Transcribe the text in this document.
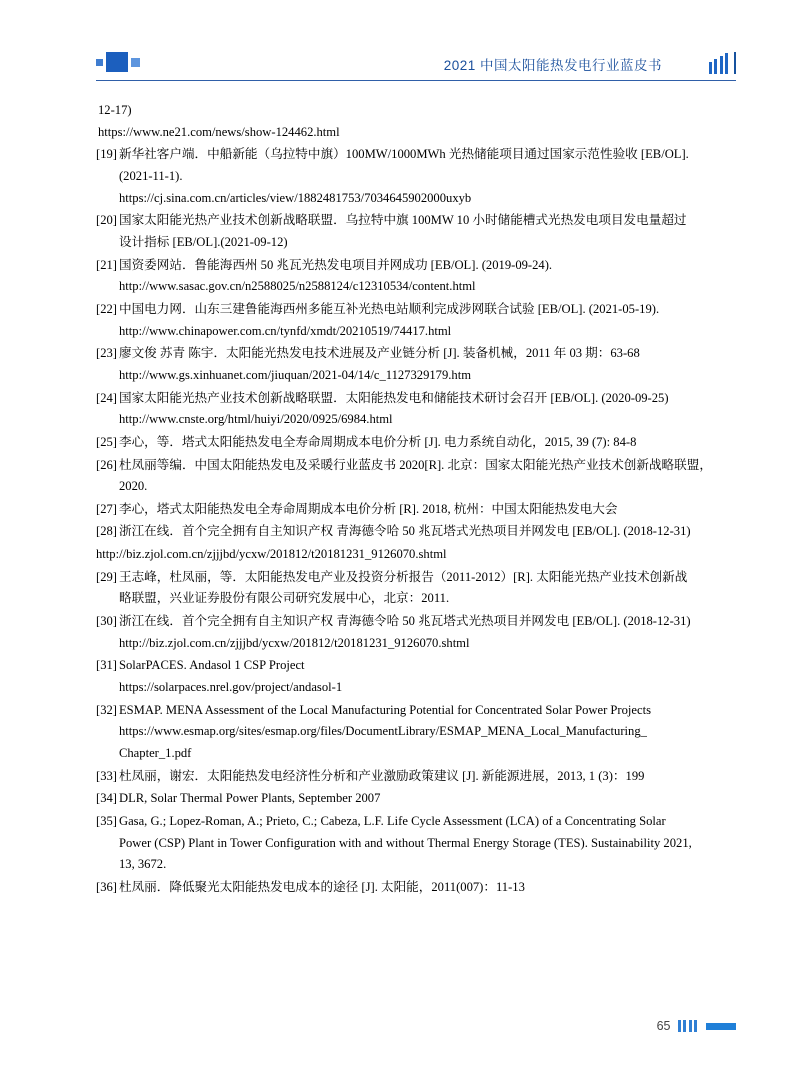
2021 中国太阳能热发电行业蓝皮书
12-17)
https://www.ne21.com/news/show-124462.html
[19] 新华社客户端．中船新能（乌拉特中旗）100MW/1000MWh 光热储能项目通过国家示范性验收 [EB/OL].
(2021-11-1).
https://cj.sina.com.cn/articles/view/1882481753/7034645902000uxyb
[20] 国家太阳能光热产业技术创新战略联盟．乌拉特中旗 100MW 10 小时储能槽式光热发电项目发电量超过
设计指标 [EB/OL].(2021-09-12)
[21] 国资委网站．鲁能海西州 50 兆瓦光热发电项目并网成功 [EB/OL]. (2019-09-24).
http://www.sasac.gov.cn/n2588025/n2588124/c12310534/content.html
[22] 中国电力网．山东三建鲁能海西州多能互补光热电站顺利完成涉网联合试验 [EB/OL]. (2021-05-19).
http://www.chinapower.com.cn/tynfd/xmdt/20210519/74417.html
[23] 廖文俊 苏青 陈宇．太阳能光热发电技术进展及产业链分析 [J]. 装备机械，2011 年 03 期：63-68
http://www.gs.xinhuanet.com/jiuquan/2021-04/14/c_1127329179.htm
[24] 国家太阳能光热产业技术创新战略联盟．太阳能热发电和储能技术研讨会召开 [EB/OL]. (2020-09-25)
http://www.cnste.org/html/huiyi/2020/0925/6984.html
[25] 李心，等．塔式太阳能热发电全寿命周期成本电价分析 [J]. 电力系统自动化，2015, 39 (7): 84-8
[26] 杜凤丽等编．中国太阳能热发电及采暖行业蓝皮书 2020[R]. 北京：国家太阳能光热产业技术创新战略联盟，
2020.
[27] 李心，塔式太阳能热发电全寿命周期成本电价分析 [R]. 2018, 杭州：中国太阳能热发电大会
[28] 浙江在线．首个完全拥有自主知识产权 青海德令哈 50 兆瓦塔式光热项目并网发电 [EB/OL]. (2018-12-31)
http://biz.zjol.com.cn/zjjjbd/ycxw/201812/t20181231_9126070.shtml
[29] 王志峰，杜凤丽，等．太阳能热发电产业及投资分析报告（2011-2012）[R]. 太阳能光热产业技术创新战
略联盟，兴业证券股份有限公司研究发展中心，北京：2011.
[30] 浙江在线．首个完全拥有自主知识产权 青海德令哈 50 兆瓦塔式光热项目并网发电 [EB/OL]. (2018-12-31)
http://biz.zjol.com.cn/zjjjbd/ycxw/201812/t20181231_9126070.shtml
[31] SolarPACES. Andasol 1 CSP Project
https://solarpaces.nrel.gov/project/andasol-1
[32] ESMAP. MENA Assessment of the Local Manufacturing Potential for Concentrated Solar Power Projects
https://www.esmap.org/sites/esmap.org/files/DocumentLibrary/ESMAP_MENA_Local_Manufacturing_
Chapter_1.pdf
[33] 杜凤丽，谢宏．太阳能热发电经济性分析和产业激励政策建议 [J]. 新能源进展，2013, 1 (3)：199
[34] DLR, Solar Thermal Power Plants, September 2007
[35] Gasa, G.; Lopez-Roman, A.; Prieto, C.; Cabeza, L.F. Life Cycle Assessment (LCA) of a Concentrating Solar
Power (CSP) Plant in Tower Configuration with and without Thermal Energy Storage (TES). Sustainability 2021,
13, 3672.
[36] 杜凤丽．降低聚光太阳能热发电成本的途径 [J]. 太阳能，2011(007)：11-13
65
